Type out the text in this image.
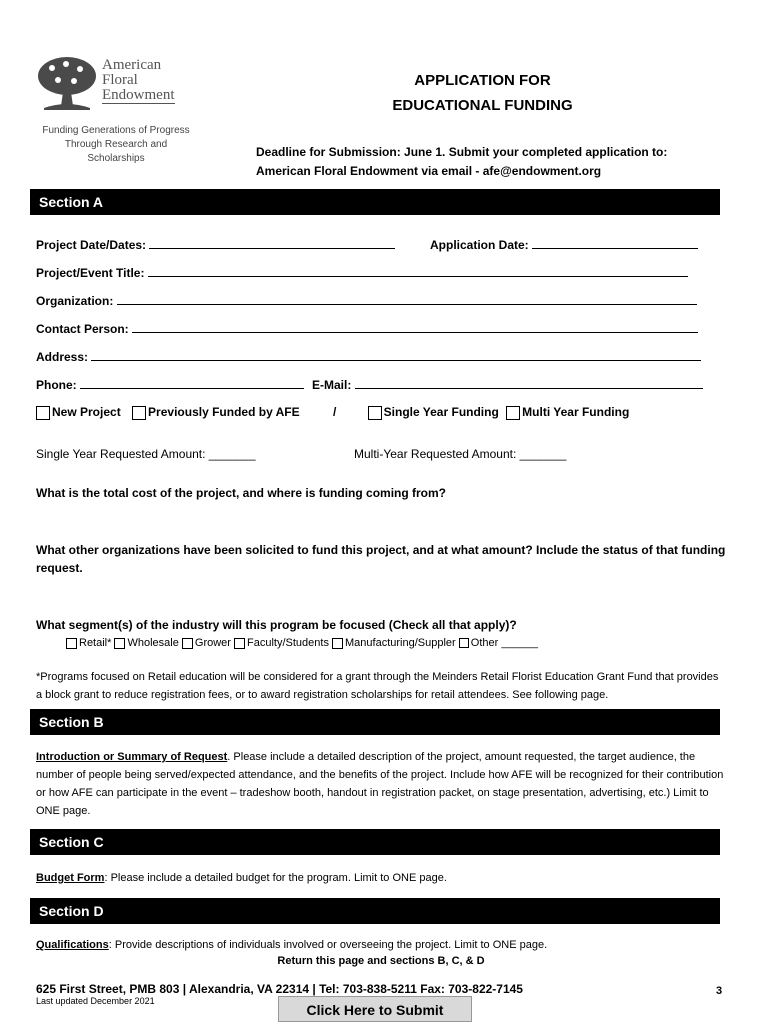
American
Floral
Endowment
Funding Generations of Progress
Through Research and Scholarships
APPLICATION FOR
EDUCATIONAL FUNDING
Deadline for Submission: June 1. Submit your completed application to:
American Floral Endowment via email - afe@endowment.org
Section A
Project Date/Dates:	Application Date:
Project/Event Title:
Organization:
Contact Person:
Address:
Phone:	E-Mail:
New Project Previously Funded by AFE	/	Single Year Funding Multi Year Funding
Single Year Requested Amount: _______	Multi-Year Requested Amount: _______
What is the total cost of the project, and where is funding coming from?
What other organizations have been solicited to fund this project, and at what amount? Include the status of that funding request.
What segment(s) of the industry will this program be focused (Check all that apply)?
Retail* Wholesale Grower Faculty/Students Manufacturing/Suppler Other ______
*Programs focused on Retail education will be considered for a grant through the Meinders Retail Florist Education Grant Fund that provides a block grant to reduce registration fees, or to award registration scholarships for retail attendees. See following page.
Section B
Introduction or Summary of Request. Please include a detailed description of the project, amount requested, the target audience, the number of people being served/expected attendance, and the benefits of the project. Include how AFE will be recognized for their contribution or how AFE can participate in the event – tradeshow booth, handout in registration packet, on stage presentation, advertising, etc.) Limit to ONE page.
Section C
Budget Form: Please include a detailed budget for the program. Limit to ONE page.
Section D
Qualifications: Provide descriptions of individuals involved or overseeing the project. Limit to ONE page.
Return this page and sections B, C, & D
625 First Street, PMB 803 | Alexandria, VA 22314 | Tel: 703-838-5211 Fax: 703-822-7145
Last updated December 2021
3
Click Here to Submit
